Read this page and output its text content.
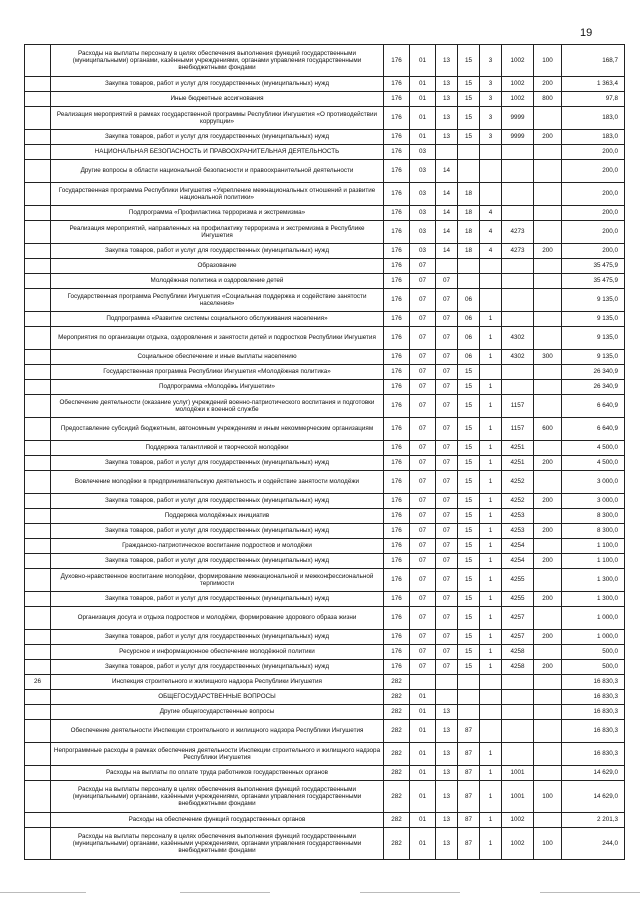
19
	Расходы на выплаты персоналу в целях обеспечения выполнения функций государственными (муниципальными) органами, казёнными учреждениями, органами управления государственными внебюджетными фондами	176	01	13	15	3	1002	100	168,7
	Закупка товаров, работ и услуг для государственных (муниципальных) нужд	176	01	13	15	3	1002	200	1 363,4
	Иные бюджетные ассигнования	176	01	13	15	3	1002	800	97,8
	Реализация мероприятий в рамках государственной программы Республики Ингушетия «О противодействии коррупции»	176	01	13	15	3	9999		183,0
	Закупка товаров, работ и услуг для государственных (муниципальных) нужд	176	01	13	15	3	9999	200	183,0
	НАЦИОНАЛЬНАЯ БЕЗОПАСНОСТЬ И ПРАВООХРАНИТЕЛЬНАЯ ДЕЯТЕЛЬНОСТЬ	176	03						200,0
	Другие вопросы в области национальной безопасности и правоохранительной деятельности	176	03	14					200,0
	Государственная программа Республики Ингушетия «Укрепление межнациональных отношений и развитие национальной политики»	176	03	14	18				200,0
	Подпрограмма «Профилактика терроризма и экстремизма»	176	03	14	18	4			200,0
	Реализация мероприятий, направленных на профилактику терроризма и экстремизма в Республике Ингушетия	176	03	14	18	4	4273		200,0
	Закупка товаров, работ и услуг для государственных (муниципальных) нужд	176	03	14	18	4	4273	200	200,0
	Образование	176	07						35 475,9
	Молодёжная политика и оздоровление детей	176	07	07					35 475,9
	Государственная программа Республики Ингушетия «Социальная поддержка и содействие занятости населения»	176	07	07	06				9 135,0
	Подпрограмма «Развитие системы социального обслуживания населения»	176	07	07	06	1			9 135,0
	Мероприятия по организации отдыха, оздоровления и занятости детей и подростков Республики Ингушетия	176	07	07	06	1	4302		9 135,0
	Социальное обеспечение и иные выплаты населению	176	07	07	06	1	4302	300	9 135,0
	Государственная программа Республики Ингушетия «Молодёжная политика»	176	07	07	15				26 340,9
	Подпрограмма «Молодёжь Ингушетии»	176	07	07	15	1			26 340,9
	Обеспечение деятельности (оказание услуг) учреждений военно-патриотического воспитания и подготовки молодёжи к военной службе	176	07	07	15	1	1157		6 640,9
	Предоставление субсидий бюджетным, автономным учреждениям и иным некоммерческим организациям	176	07	07	15	1	1157	600	6 640,9
	Поддержка талантливой и творческой молодёжи	176	07	07	15	1	4251		4 500,0
	Закупка товаров, работ и услуг для государственных (муниципальных) нужд	176	07	07	15	1	4251	200	4 500,0
	Вовлечение молодёжи в предпринимательскую деятельность и содействие занятости молодёжи	176	07	07	15	1	4252		3 000,0
	Закупка товаров, работ и услуг для государственных (муниципальных) нужд	176	07	07	15	1	4252	200	3 000,0
	Поддержка молодёжных инициатив	176	07	07	15	1	4253		8 300,0
	Закупка товаров, работ и услуг для государственных (муниципальных) нужд	176	07	07	15	1	4253	200	8 300,0
	Гражданско-патриотическое воспитание подростков и молодёжи	176	07	07	15	1	4254		1 100,0
	Закупка товаров, работ и услуг для государственных (муниципальных) нужд	176	07	07	15	1	4254	200	1 100,0
	Духовно-нравственное воспитание молодёжи, формирование межнациональной и межконфессиональной терпимости	176	07	07	15	1	4255		1 300,0
	Закупка товаров, работ и услуг для государственных (муниципальных) нужд	176	07	07	15	1	4255	200	1 300,0
	Организация досуга и отдыха подростков и молодёжи, формирование здорового образа жизни	176	07	07	15	1	4257		1 000,0
	Закупка товаров, работ и услуг для государственных (муниципальных) нужд	176	07	07	15	1	4257	200	1 000,0
	Ресурсное и информационное обеспечение молодёжной политики	176	07	07	15	1	4258		500,0
	Закупка товаров, работ и услуг для государственных (муниципальных) нужд	176	07	07	15	1	4258	200	500,0
26	Инспекция строительного и жилищного надзора Республики Ингушетия	282							16 830,3
	ОБЩЕГОСУДАРСТВЕННЫЕ ВОПРОСЫ	282	01						16 830,3
	Другие общегосударственные вопросы	282	01	13					16 830,3
	Обеспечение деятельности Инспекции строительного и жилищного надзора Республики Ингушетия	282	01	13	87				16 830,3
	Непрограммные расходы в рамках обеспечения деятельности Инспекции строительного и жилищного надзора Республики Ингушетия	282	01	13	87	1			16 830,3
	Расходы на выплаты по оплате труда работников государственных органов	282	01	13	87	1	1001		14 629,0
	Расходы на выплаты персоналу в целях обеспечения выполнения функций государственными (муниципальными) органами, казёнными учреждениями, органами управления государственными внебюджетными фондами	282	01	13	87	1	1001	100	14 629,0
	Расходы на обеспечение функций государственных органов	282	01	13	87	1	1002		2 201,3
	Расходы на выплаты персоналу в целях обеспечения выполнения функций государственными (муниципальными) органами, казёнными учреждениями, органами управления государственными внебюджетными фондами	282	01	13	87	1	1002	100	244,0
